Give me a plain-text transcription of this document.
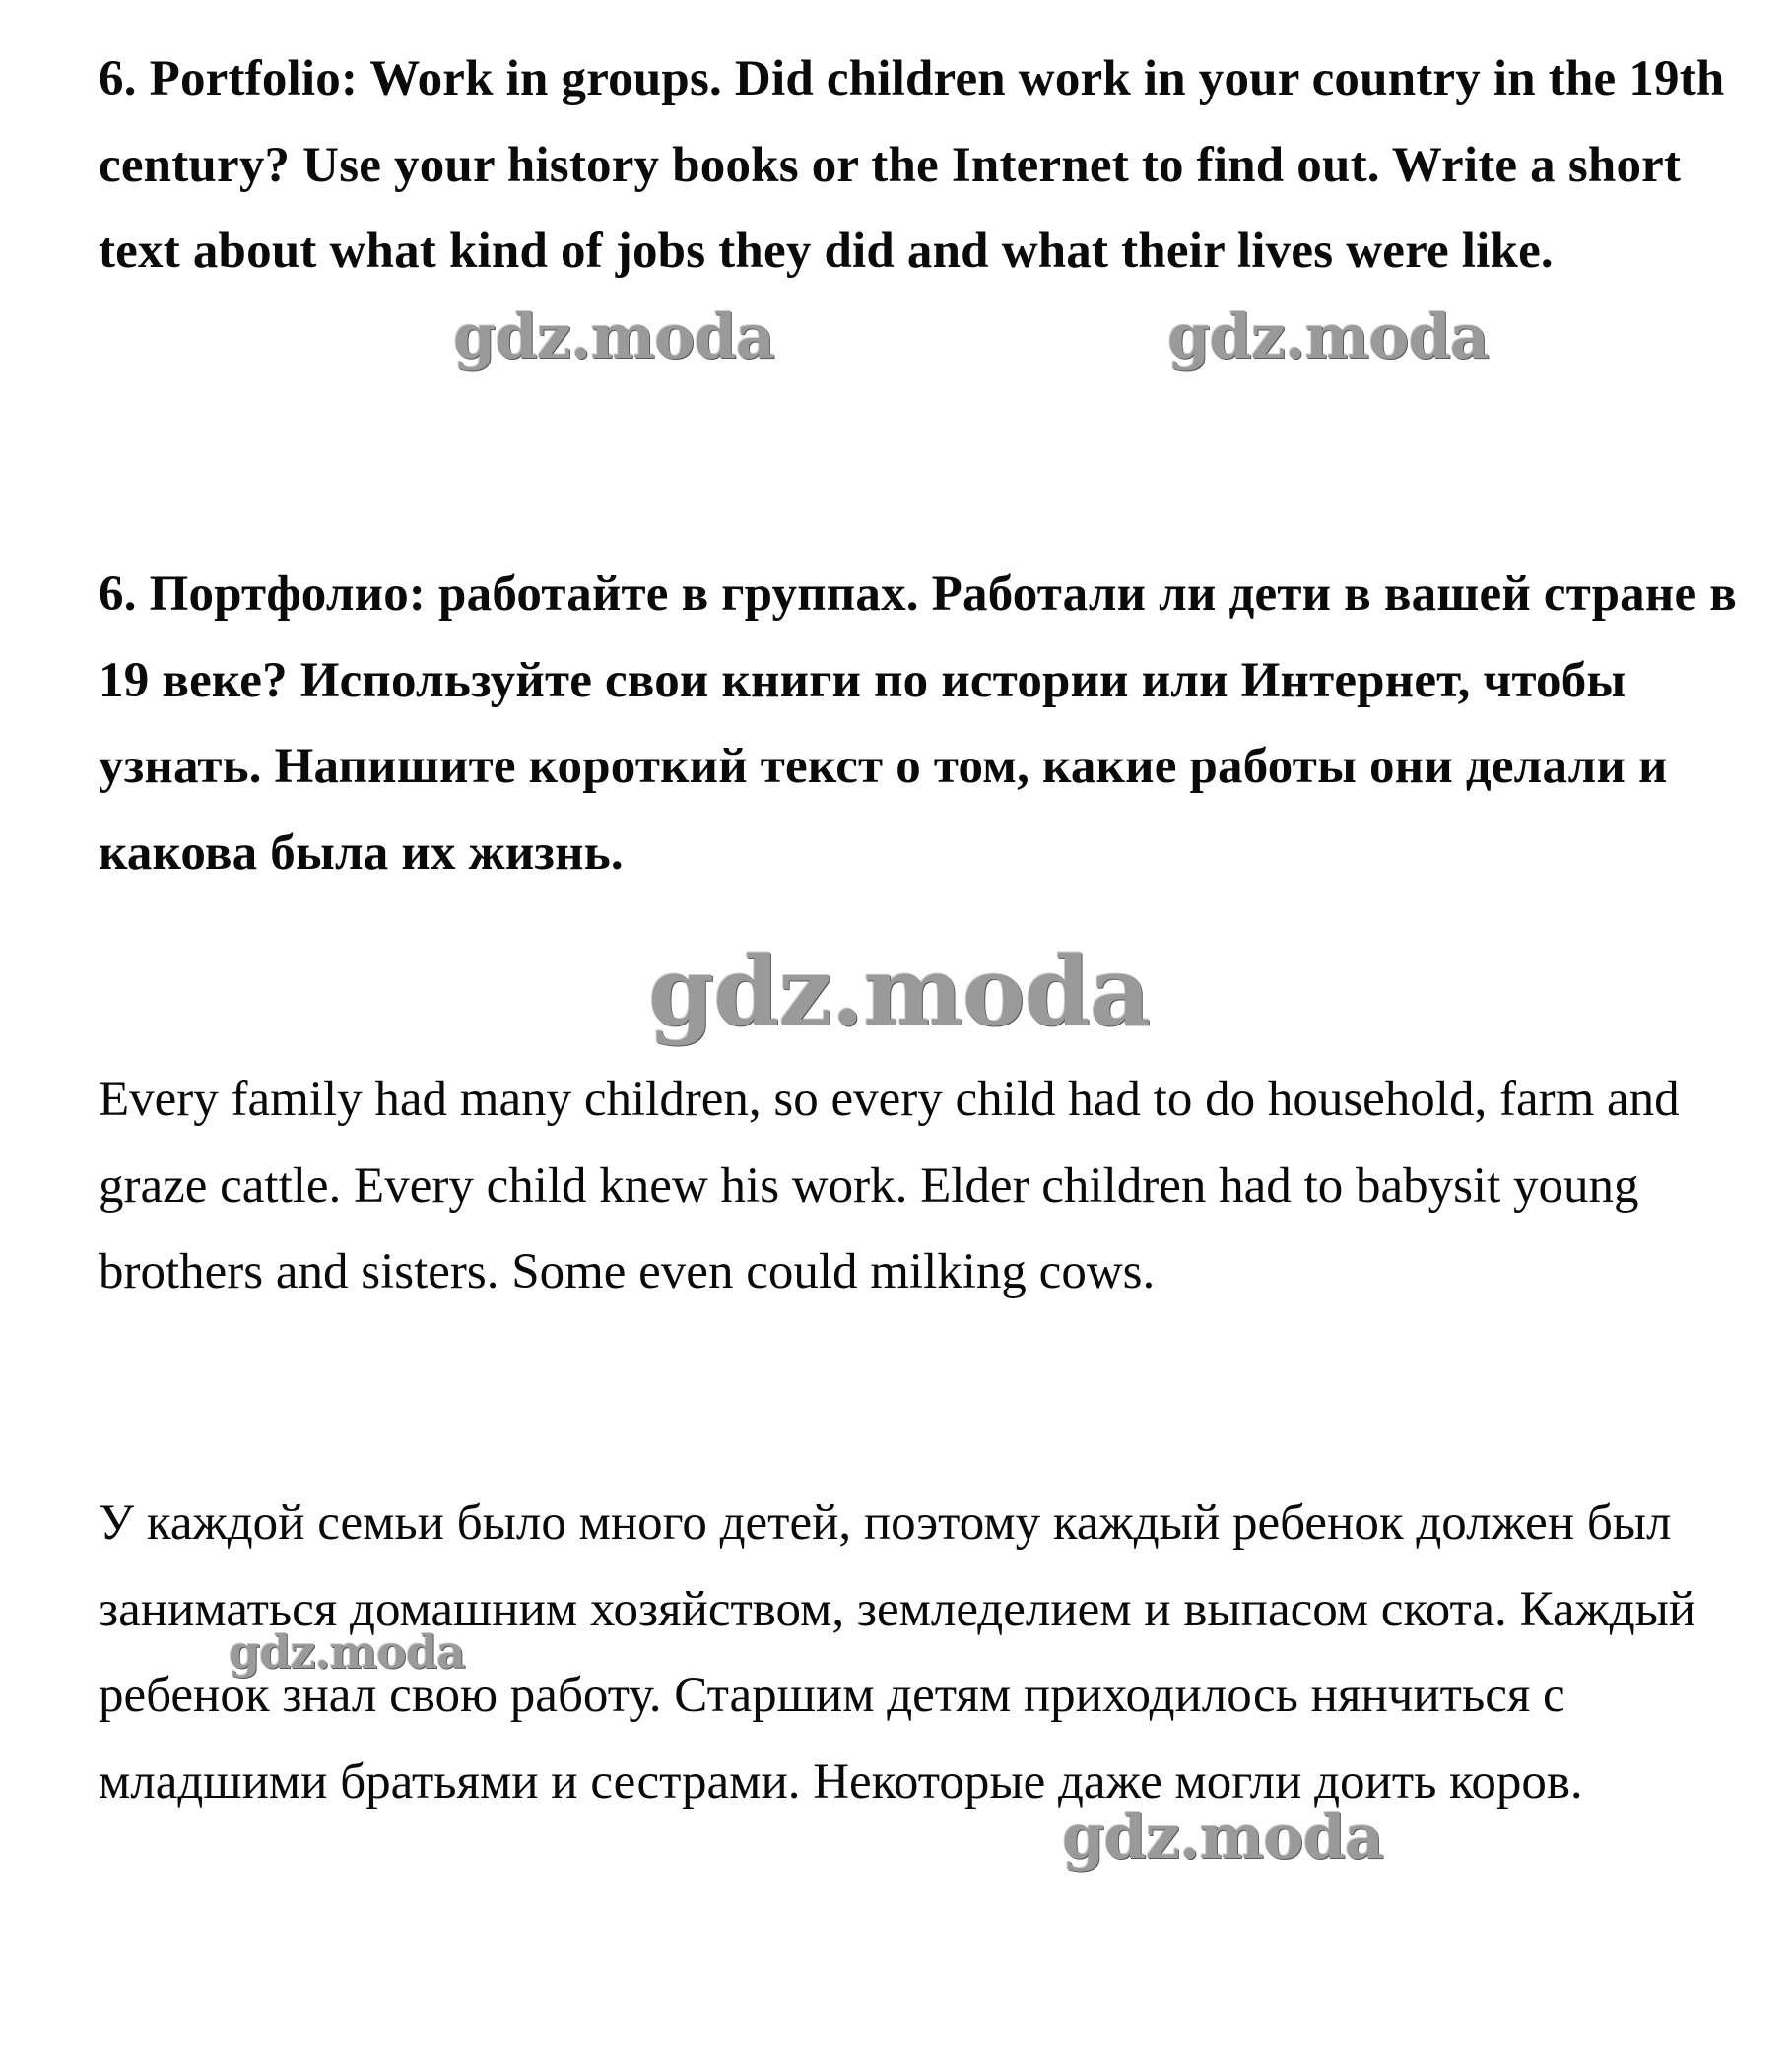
6. Portfolio: Work in groups. Did children work in your country in the 19th century? Use your history books or the Internet to find out. Write a short text about what kind of jobs they did and what their lives were like.

6. Портфолио: работайте в группах. Работали ли дети в вашей стране в 19 веке? Используйте свои книги по истории или Интернет, чтобы узнать. Напишите короткий текст о том, какие работы они делали и какова была их жизнь.

Every family had many children, so every child had to do household, farm and graze cattle. Every child knew his work. Elder children had to babysit young brothers and sisters. Some even could milking cows.

У каждой семьи было много детей, поэтому каждый ребенок должен был заниматься домашним хозяйством, земледелием и выпасом скота. Каждый ребенок знал свою работу. Старшим детям приходилось нянчиться с младшими братьями и сестрами. Некоторые даже могли доить коров.

gdz.moda	gdz.moda
gdz.moda
gdz.moda
gdz.moda
